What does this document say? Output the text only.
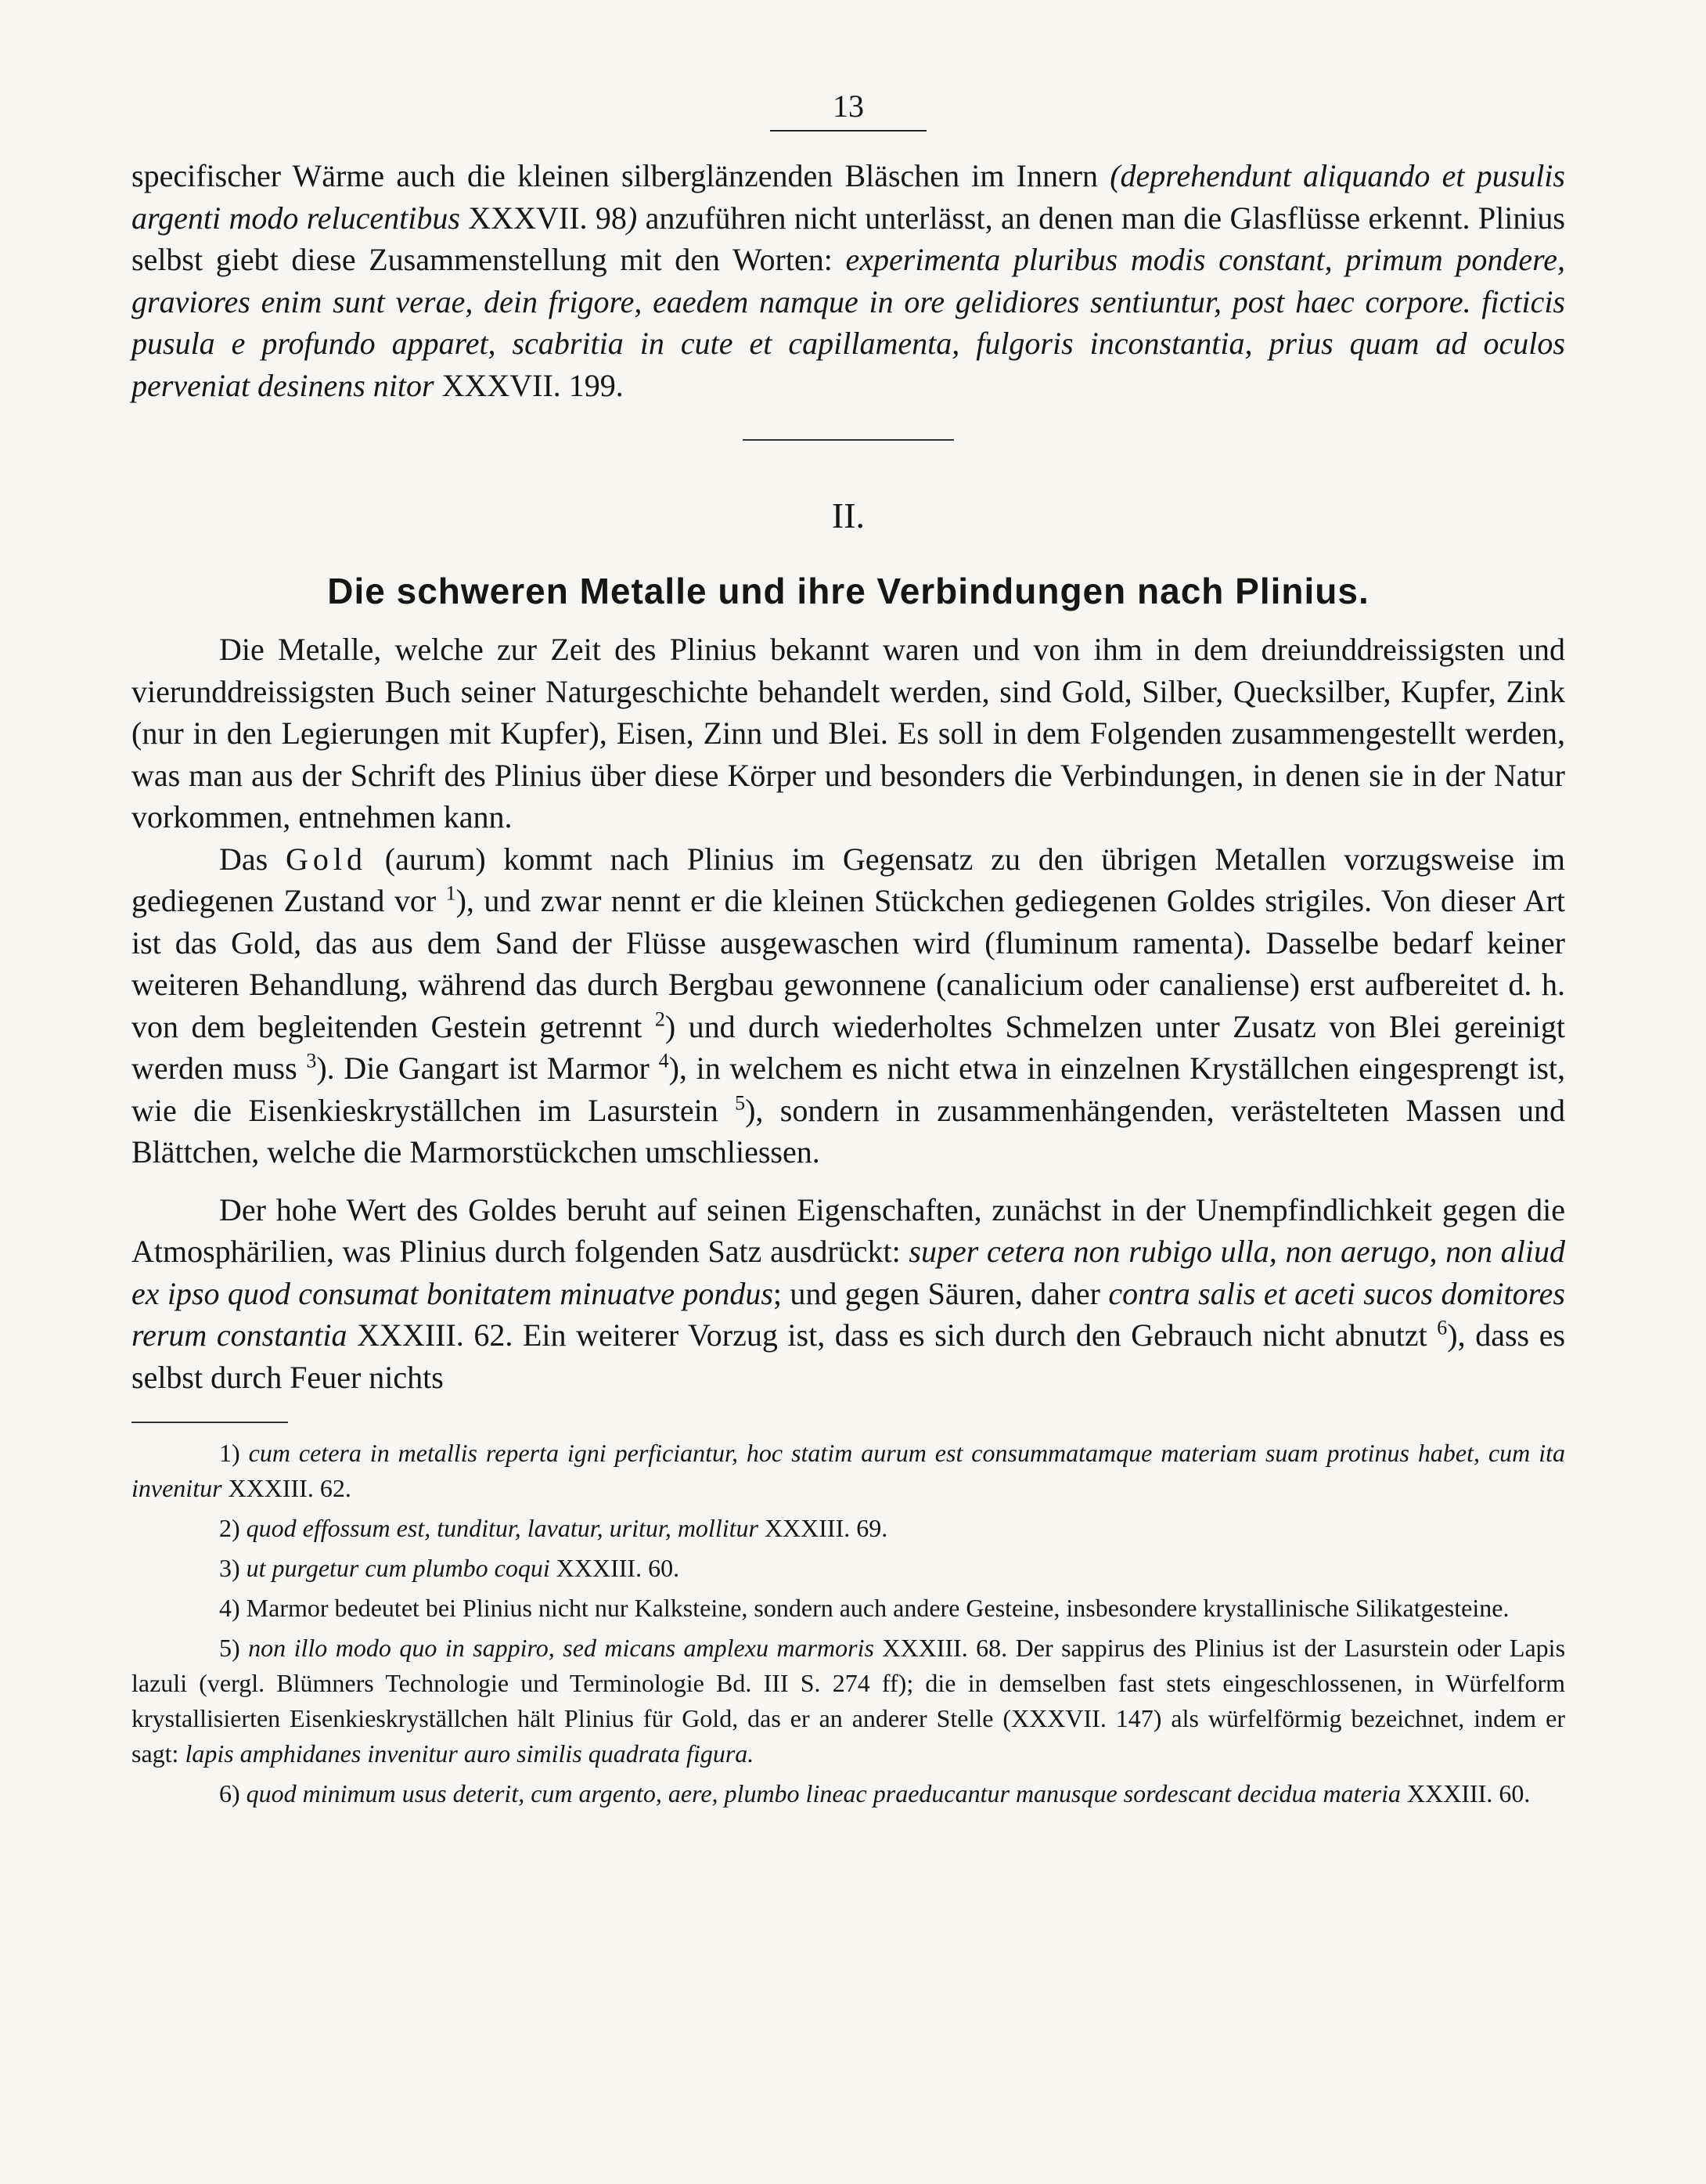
13

specifischer Wärme auch die kleinen silberglänzenden Bläschen im Innern (deprehendunt aliquando et pusulis argenti modo relucentibus XXXVII. 98) anzuführen nicht unterlässt, an denen man die Glasflüsse erkennt. Plinius selbst giebt diese Zusammenstellung mit den Worten: experimenta pluribus modis constant, primum pondere, graviores enim sunt verae, dein frigore, eaedem namque in ore gelidiores sentiuntur, post haec corpore. ficticis pusula e profundo apparet, scabritia in cute et capillamenta, fulgoris inconstantia, prius quam ad oculos perveniat desinens nitor XXXVII. 199.

II.
Die schweren Metalle und ihre Verbindungen nach Plinius.

Die Metalle, welche zur Zeit des Plinius bekannt waren und von ihm in dem dreiunddreissigsten und vierunddreissigsten Buch seiner Naturgeschichte behandelt werden, sind Gold, Silber, Quecksilber, Kupfer, Zink (nur in den Legierungen mit Kupfer), Eisen, Zinn und Blei. Es soll in dem Folgenden zusammengestellt werden, was man aus der Schrift des Plinius über diese Körper und besonders die Verbindungen, in denen sie in der Natur vorkommen, entnehmen kann.

Das Gold (aurum) kommt nach Plinius im Gegensatz zu den übrigen Metallen vorzugsweise im gediegenen Zustand vor $^1$), und zwar nennt er die kleinen Stückchen gediegenen Goldes strigiles. Von dieser Art ist das Gold, das aus dem Sand der Flüsse ausgewaschen wird (fluminum ramenta). Dasselbe bedarf keiner weiteren Behandlung, während das durch Bergbau gewonnene (canalicium oder canaliense) erst aufbereitet d. h. von dem begleitenden Gestein getrennt $^2$) und durch wiederholtes Schmelzen unter Zusatz von Blei gereinigt werden muss $^3$). Die Gangart ist Marmor $^4$), in welchem es nicht etwa in einzelnen Kryställchen eingesprengt ist, wie die Eisenkieskryställchen im Lasurstein $^5$), sondern in zusammenhängenden, verästelteten Massen und Blättchen, welche die Marmorstückchen umschliessen.

Der hohe Wert des Goldes beruht auf seinen Eigenschaften, zunächst in der Unempfindlichkeit gegen die Atmosphärilien, was Plinius durch folgenden Satz ausdrückt: super cetera non rubigo ulla, non aerugo, non aliud ex ipso quod consumat bonitatem minuatve pondus; und gegen Säuren, daher contra salis et aceti sucos domitores rerum constantia XXXIII. 62. Ein weiterer Vorzug ist, dass es sich durch den Gebrauch nicht abnutzt $^6$), dass es selbst durch Feuer nichts

1) cum cetera in metallis reperta igni perficiantur, hoc statim aurum est consummatamque materiam suam protinus habet, cum ita invenitur XXXIII. 62.

2) quod effossum est, tunditur, lavatur, uritur, mollitur XXXIII. 69.

3) ut purgetur cum plumbo coqui XXXIII. 60.

4) Marmor bedeutet bei Plinius nicht nur Kalksteine, sondern auch andere Gesteine, insbesondere krystallinische Silikatgesteine.

5) non illo modo quo in sappiro, sed micans amplexu marmoris XXXIII. 68. Der sappirus des Plinius ist der Lasurstein oder Lapis lazuli (vergl. Blümners Technologie und Terminologie Bd. III S. 274 ff); die in demselben fast stets eingeschlossenen, in Würfelform krystallisierten Eisenkieskryställchen hält Plinius für Gold, das er an anderer Stelle (XXXVII. 147) als würfelförmig bezeichnet, indem er sagt: lapis amphidanes invenitur auro similis quadrata figura.

6) quod minimum usus deterit, cum argento, aere, plumbo lineac praeducantur manusque sordescant decidua materia XXXIII. 60.
